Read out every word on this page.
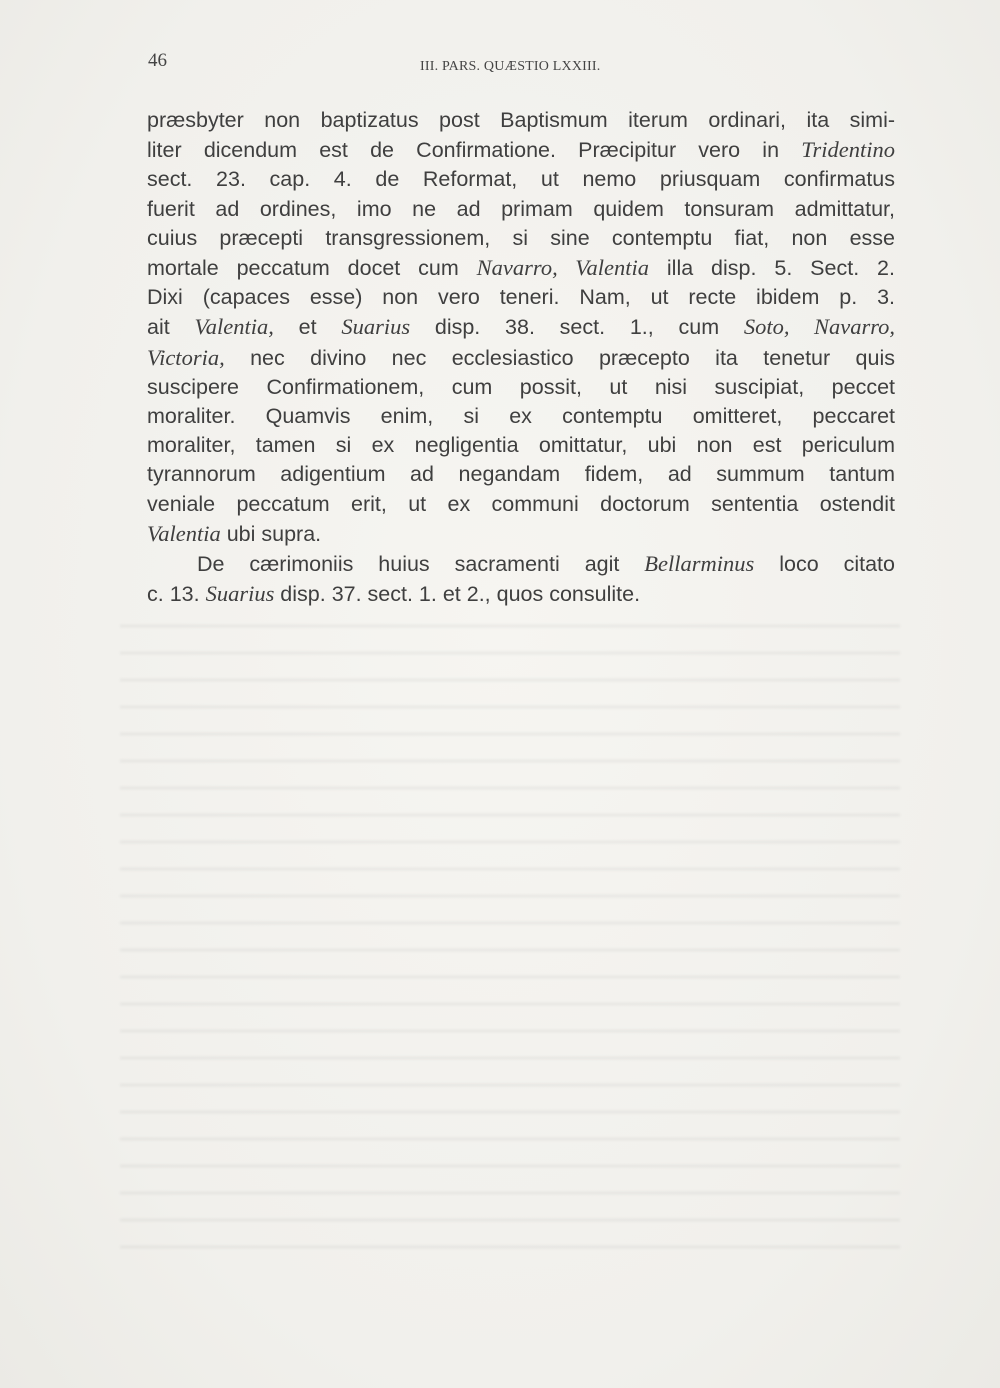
46	III. PARS. QUÆSTIO LXXIII.
præsbyter non baptizatus post Baptismum iterum ordinari, ita simi-
liter dicendum est de Confirmatione. Præcipitur vero in Tridentino
sect. 23. cap. 4. de Reformat, ut nemo priusquam confirmatus
fuerit ad ordines, imo ne ad primam quidem tonsuram admittatur,
cuius præcepti transgressionem, si sine contemptu fiat, non esse
mortale peccatum docet cum Navarro, Valentia illa disp. 5. Sect. 2.
Dixi (capaces esse) non vero teneri. Nam, ut recte ibidem p. 3.
ait Valentia, et Suarius disp. 38. sect. 1., cum Soto, Navarro,
Victoria, nec divino nec ecclesiastico præcepto ita tenetur quis
suscipere Confirmationem, cum possit, ut nisi suscipiat, peccet
moraliter. Quamvis enim, si ex contemptu omitteret, peccaret
moraliter, tamen si ex negligentia omittatur, ubi non est periculum
tyrannorum adigentium ad negandam fidem, ad summum tantum
veniale peccatum erit, ut ex communi doctorum sententia ostendit
Valentia ubi supra.
De cærimoniis huius sacramenti agit Bellarminus loco citato
c. 13. Suarius disp. 37. sect. 1. et 2., quos consulite.
